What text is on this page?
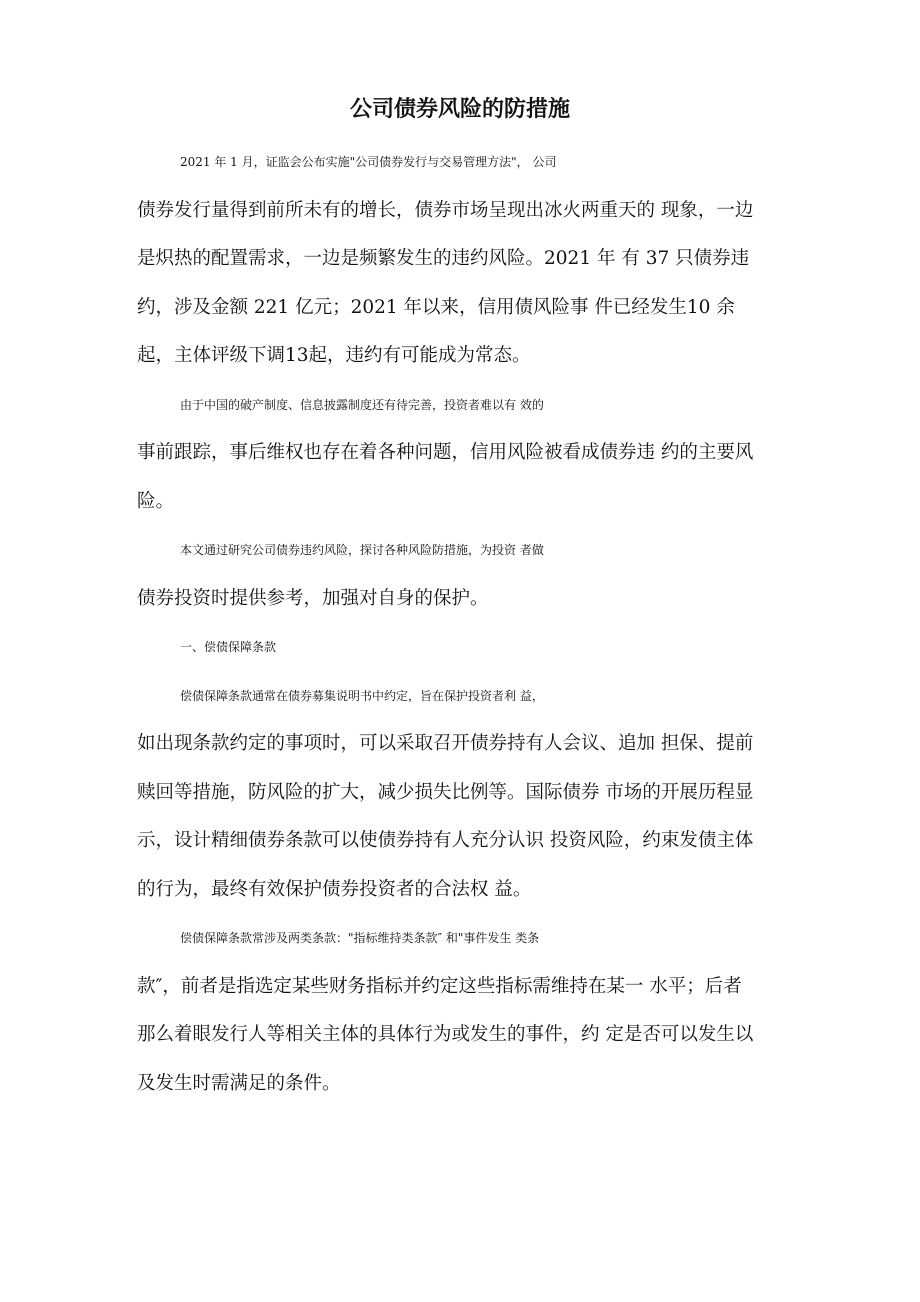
公司债券风险的防措施

2021 年 1 月，证监会公布实施"公司债券发行与交易管理方法"， 公司
债券发行量得到前所未有的增长，债券市场呈现出冰火两重天的 现象，一边
是炽热的配置需求，一边是频繁发生的违约风险。2021 年 有 37 只债券违
约，涉及金额 221 亿元；2021 年以来，信用债风险事 件已经发生10 余
起，主体评级下调13起，违约有可能成为常态。

由于中国的破产制度、信息披露制度还有待完善，投资者难以有 效的
事前跟踪，事后维权也存在着各种问题，信用风险被看成债券违 约的主要风
险。

本文通过研究公司债券违约风险，探讨各种风险防措施，为投资 者做
债券投资时提供参考，加强对自身的保护。

一、偿债保障条款

偿债保障条款通常在债券募集说明书中约定，旨在保护投资者利 益，
如出现条款约定的事项时，可以采取召开债券持有人会议、追加 担保、提前
赎回等措施，防风险的扩大，减少损失比例等。国际债券 市场的开展历程显
示，设计精细债券条款可以使债券持有人充分认识 投资风险，约束发债主体
的行为，最终有效保护债券投资者的合法权 益。

偿债保障条款常涉及两类条款："指标维持类条款″ 和"事件发生 类条
款″，前者是指选定某些财务指标并约定这些指标需维持在某一 水平；后者
那么着眼发行人等相关主体的具体行为或发生的事件，约 定是否可以发生以
及发生时需满足的条件。
